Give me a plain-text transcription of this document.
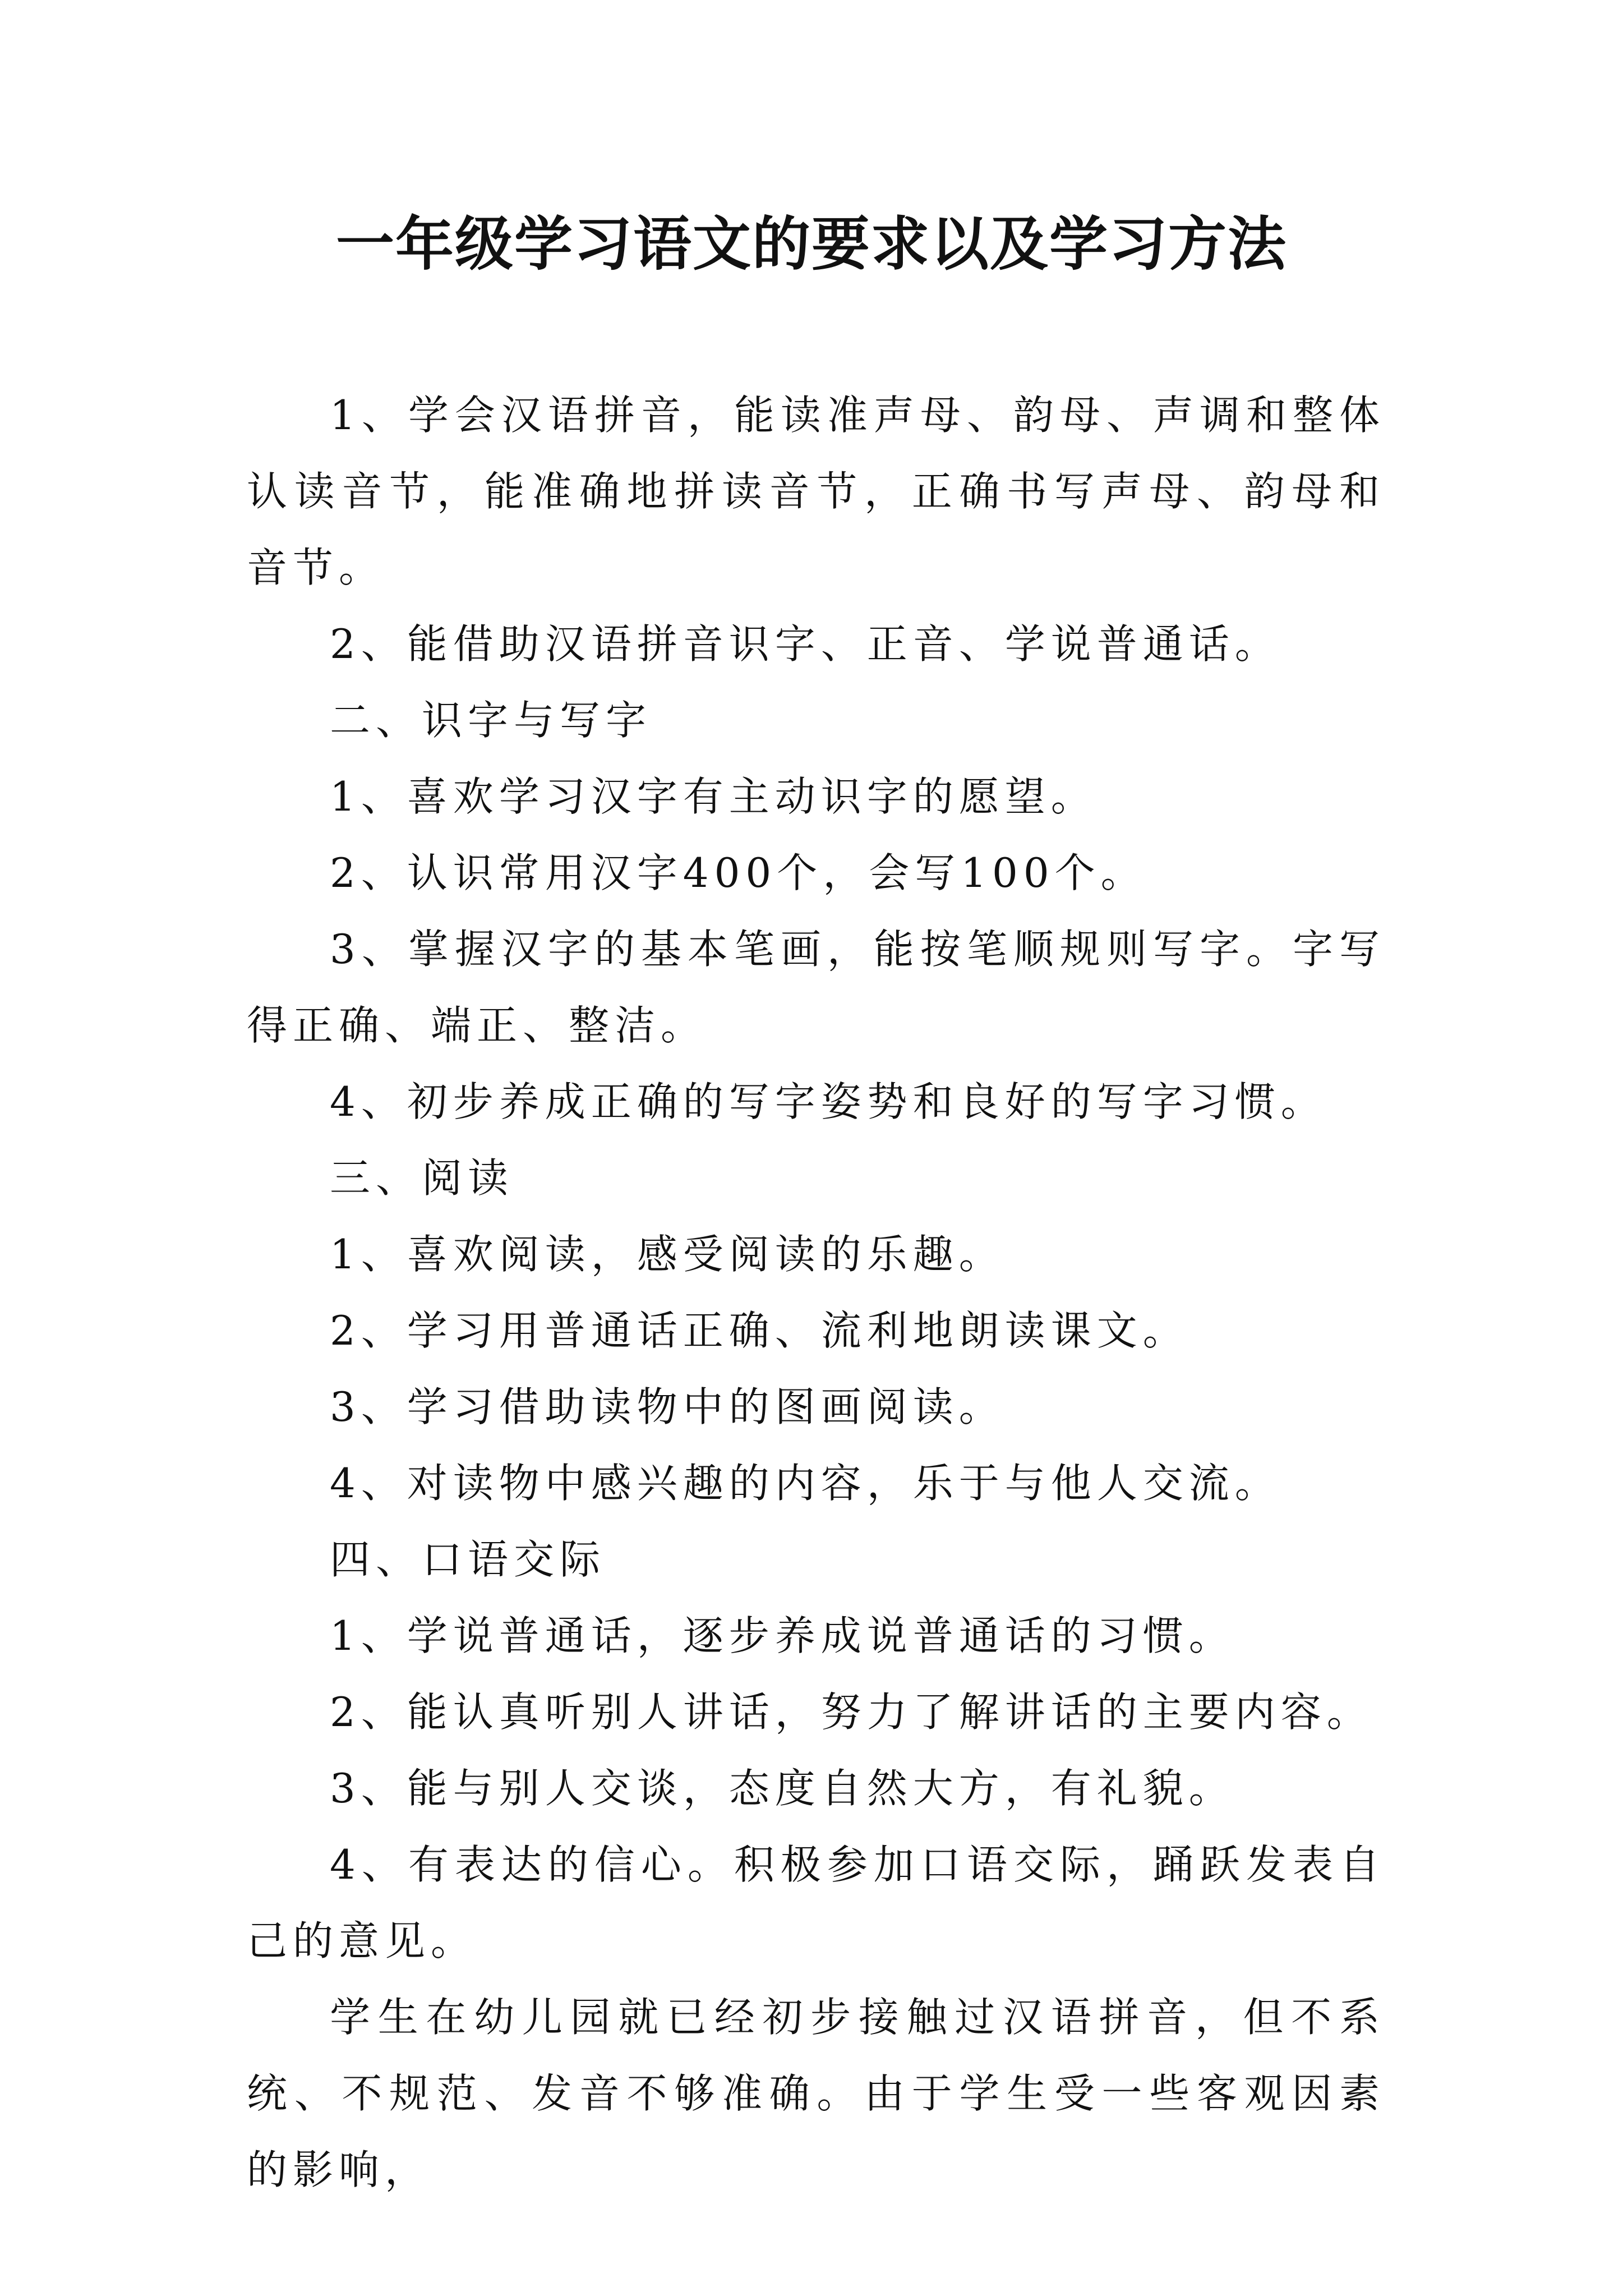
一年级学习语文的要求以及学习方法

1、学会汉语拼音，能读准声母、韵母、声调和整体认读音节，能准确地拼读音节，正确书写声母、韵母和音节。

2、能借助汉语拼音识字、正音、学说普通话。

二、识字与写字

1、喜欢学习汉字有主动识字的愿望。

2、认识常用汉字400个，会写100个。

3、掌握汉字的基本笔画，能按笔顺规则写字。字写得正确、端正、整洁。

4、初步养成正确的写字姿势和良好的写字习惯。

三、阅读

1、喜欢阅读，感受阅读的乐趣。

2、学习用普通话正确、流利地朗读课文。

3、学习借助读物中的图画阅读。

4、对读物中感兴趣的内容，乐于与他人交流。

四、口语交际

1、学说普通话，逐步养成说普通话的习惯。

2、能认真听别人讲话，努力了解讲话的主要内容。

3、能与别人交谈，态度自然大方，有礼貌。

4、有表达的信心。积极参加口语交际，踊跃发表自己的意见。

学生在幼儿园就已经初步接触过汉语拼音，但不系统、不规范、发音不够准确。由于学生受一些客观因素的影响，
